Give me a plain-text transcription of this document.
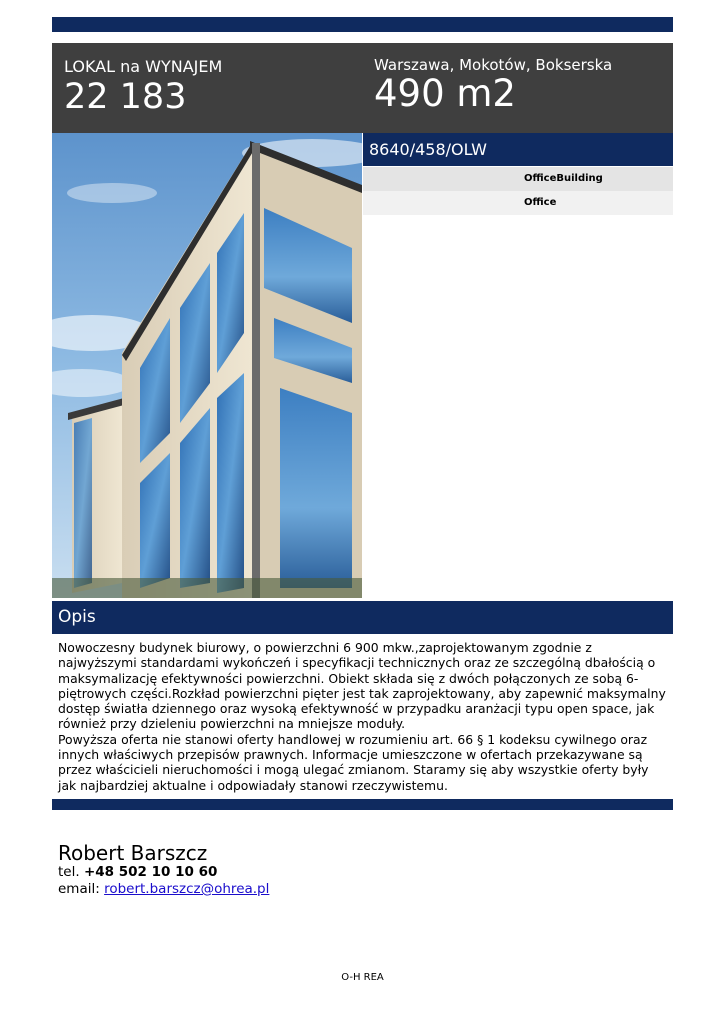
LOKAL na WYNAJEM
22 183
Warszawa, Mokotów, Bokserska
490 m2
8640/458/OLW
OfficeBuilding
Office
Opis

Nowoczesny budynek biurowy, o powierzchni 6 900 mkw.,zaprojektowanym zgodnie z najwyższymi standardami wykończeń i specyfikacji technicznych oraz ze szczególną dbałością o maksymalizację efektywności powierzchni. Obiekt składa się z dwóch połączonych ze sobą 6-piętrowych części.Rozkład powierzchni pięter jest tak zaprojektowany, aby zapewnić maksymalny dostęp światła dziennego oraz wysoką efektywność w przypadku aranżacji typu open space, jak również przy dzieleniu powierzchni na mniejsze moduły.

Powyższa oferta nie stanowi oferty handlowej w rozumieniu art. 66 § 1 kodeksu cywilnego oraz innych właściwych przepisów prawnych. Informacje umieszczone w ofertach przekazywane są przez właścicieli nieruchomości i mogą ulegać zmianom. Staramy się aby wszystkie oferty były jak najbardziej aktualne i odpowiadały stanowi rzeczywistemu.

Robert Barszcz
tel. +48 502 10 10 60
email: robert.barszcz@ohrea.pl
O-H REA
